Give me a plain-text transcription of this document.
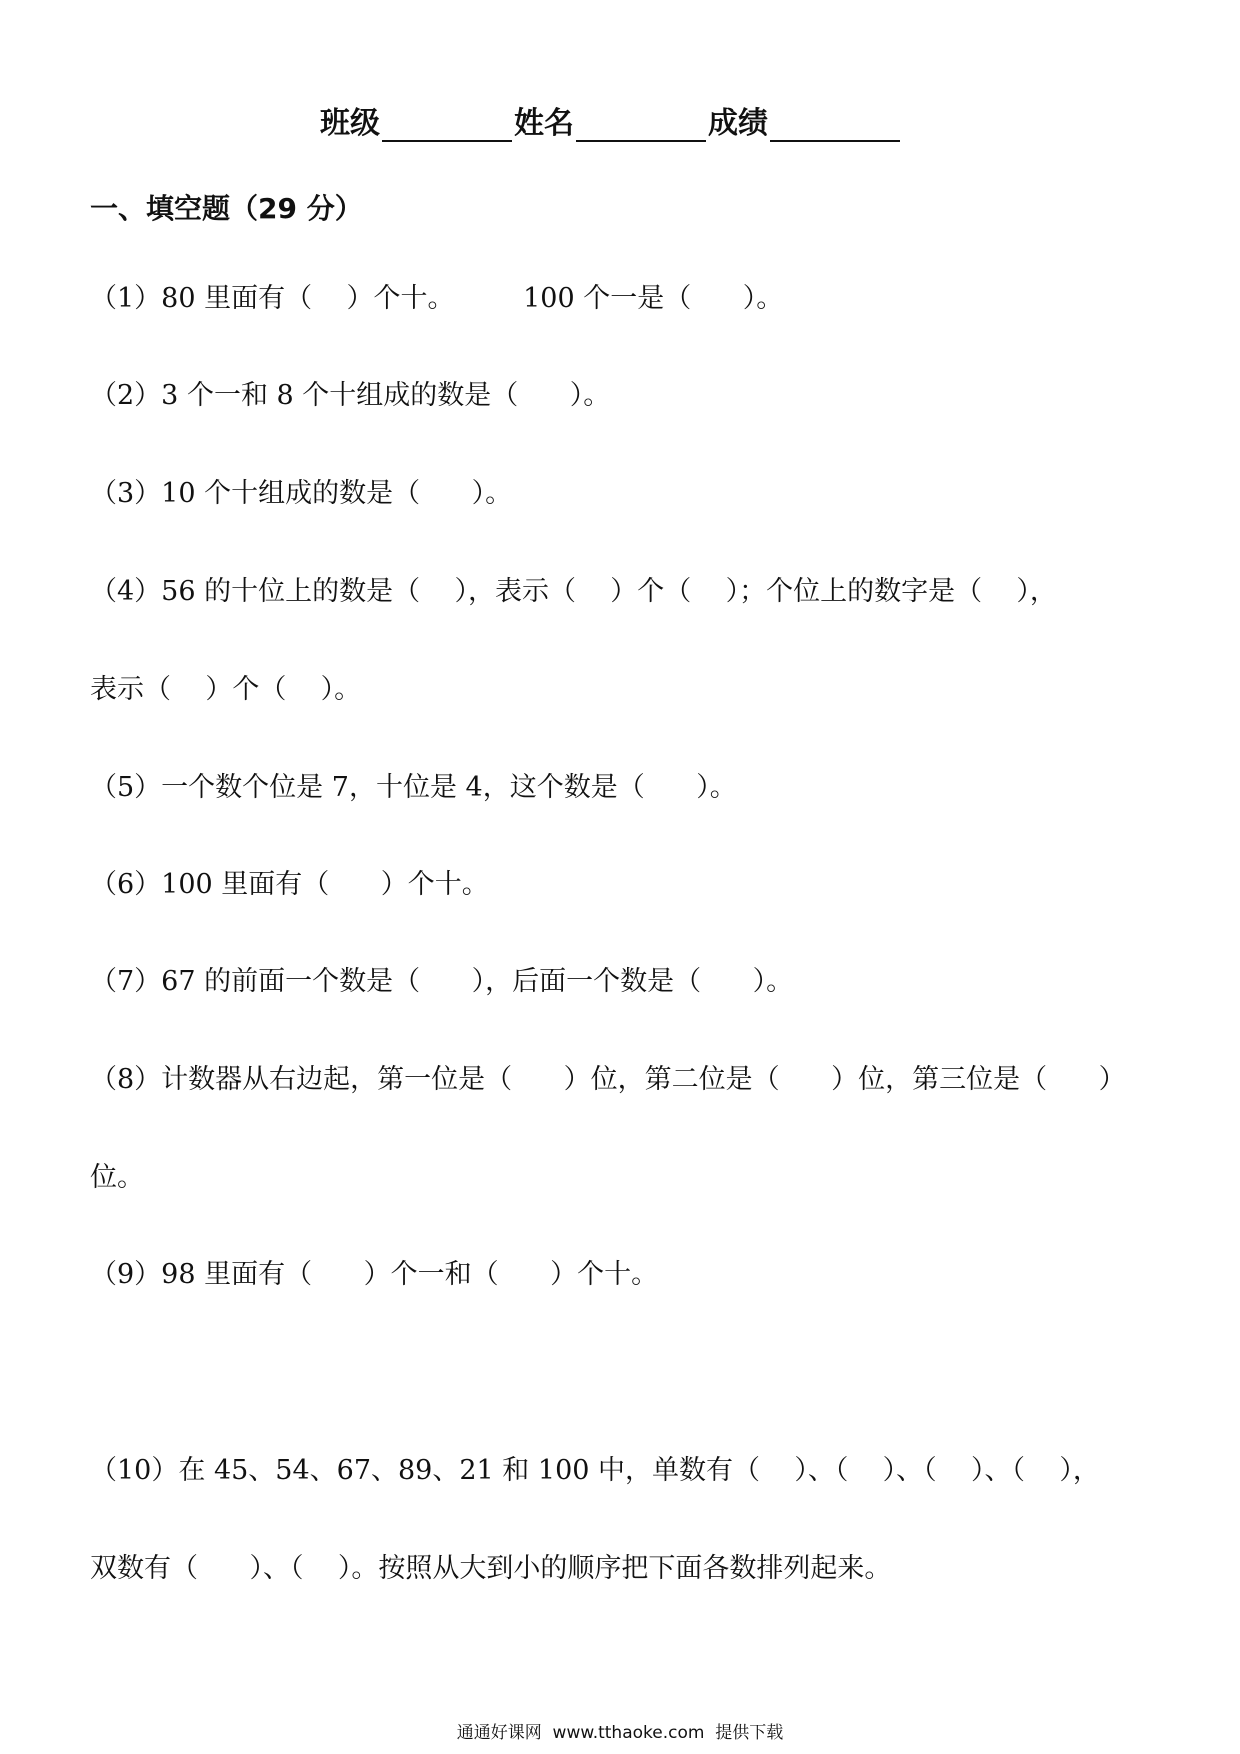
班级	姓名	成绩
一、填空题（29 分）
（1）80 里面有（    ）个十。        100 个一是（      ）。
（2）3 个一和 8 个十组成的数是（      ）。
（3）10 个十组成的数是（      ）。
（4）56 的十位上的数是（    ），表示（    ）个（    ）；个位上的数字是（    ），
表示（    ）个（    ）。
（5）一个数个位是 7，十位是 4，这个数是（      ）。
（6）100 里面有（      ）个十。
（7）67 的前面一个数是（      ），后面一个数是（      ）。
（8）计数器从右边起，第一位是（      ）位，第二位是（      ）位，第三位是（      ）
位。
（9）98 里面有（      ）个一和（      ）个十。
（10）在 45、54、67、89、21 和 100 中，单数有（    ）、（    ）、（    ）、（    ），
双数有（      ）、（    ）。按照从大到小的顺序把下面各数排列起来。
通通好课网  www.tthaoke.com  提供下载
